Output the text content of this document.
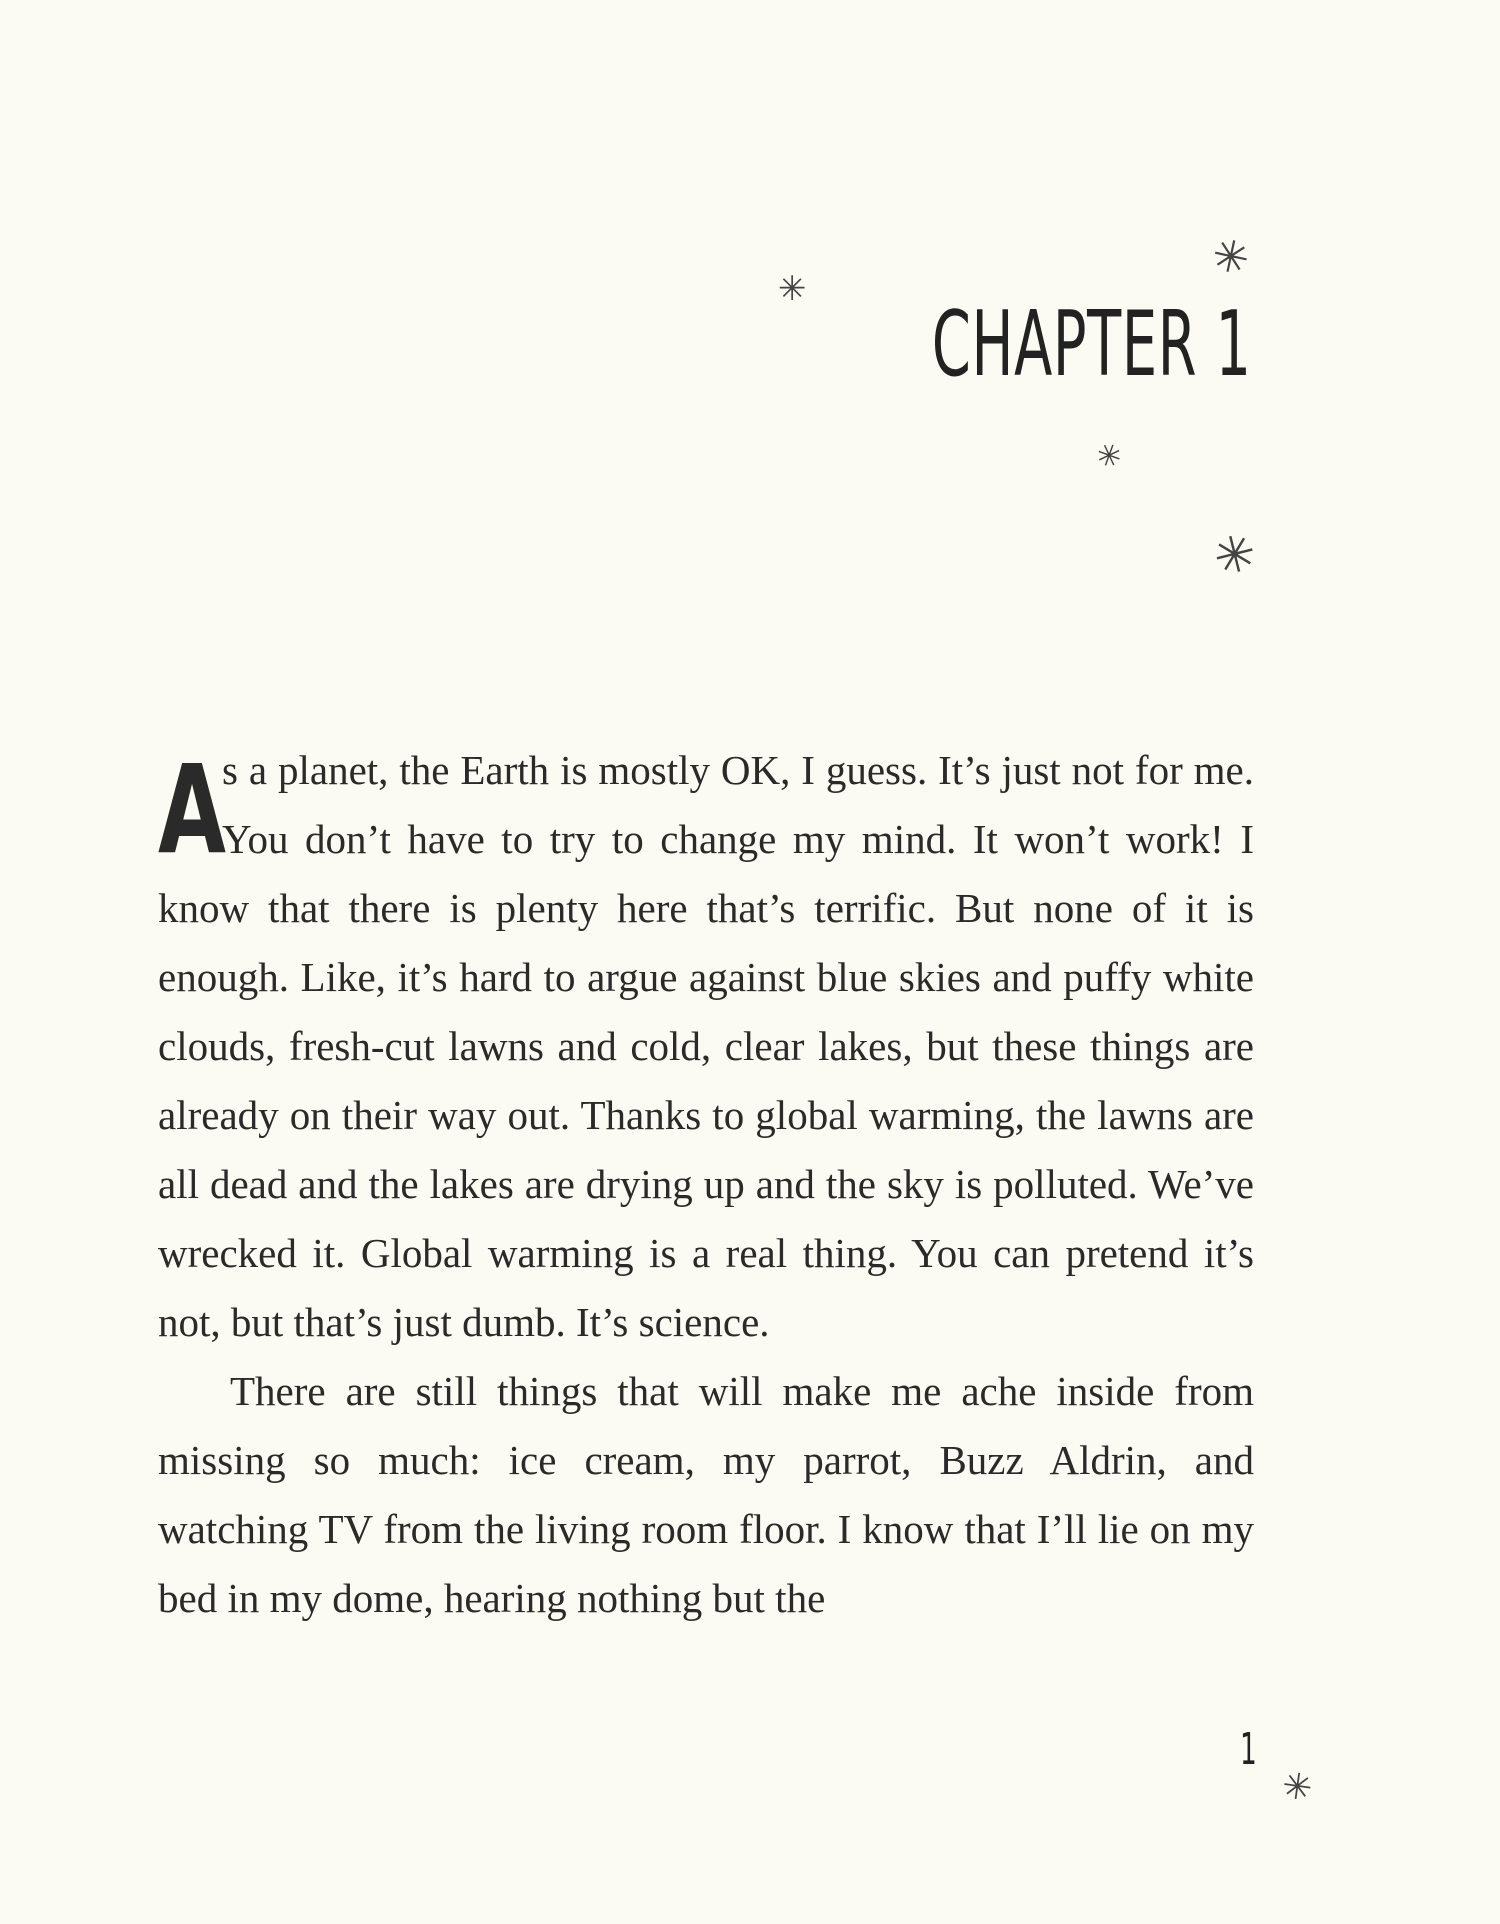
✳
✳
CHAPTER 1
✳
✳

A
s a planet, the Earth is mostly OK, I guess. It’s just not for me. You don’t have to try to change my mind. It won’t work! I know that there is plenty here that’s terrific. But none of it is enough. Like, it’s hard to argue against blue skies and puffy white clouds, fresh-cut lawns and cold, clear lakes, but these things are already on their way out. Thanks to global warming, the lawns are all dead and the lakes are drying up and the sky is polluted. We’ve wrecked it. Global warming is a real thing. You can pretend it’s not, but that’s just dumb. It’s science.

There are still things that will make me ache inside from missing so much: ice cream, my parrot, Buzz Aldrin, and watching TV from the living room floor. I know that I’ll lie on my bed in my dome, hearing nothing but the

1
✳
